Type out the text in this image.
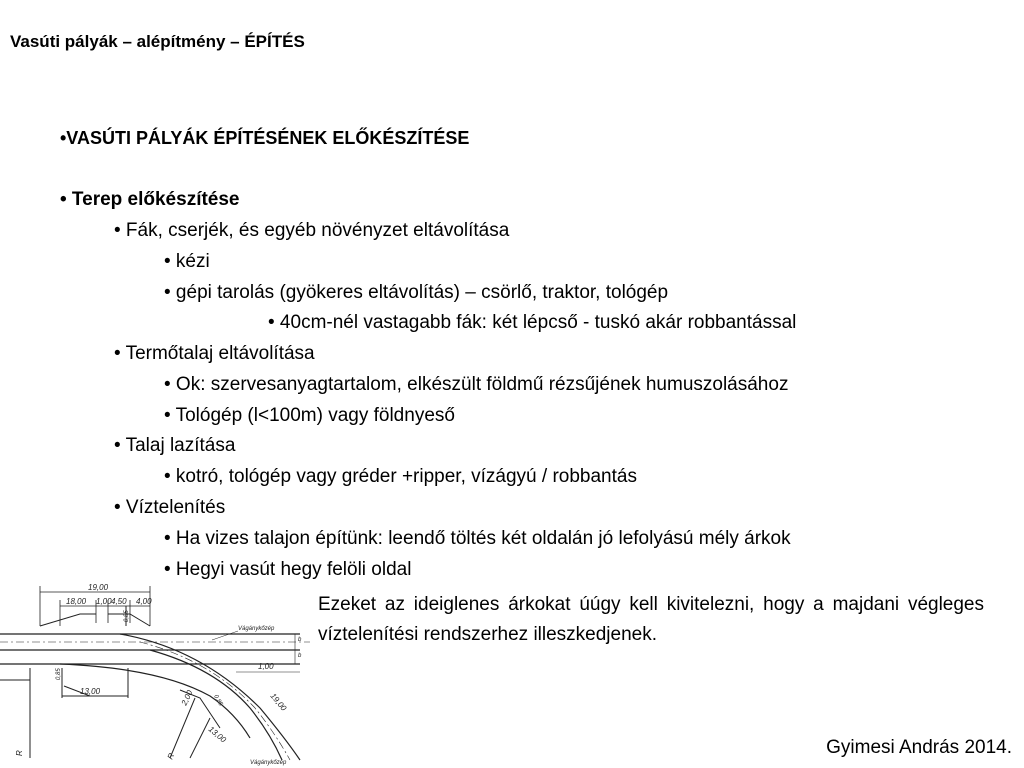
Vasúti pályák – alépítmény – ÉPÍTÉS
•VASÚTI PÁLYÁK ÉPÍTÉSÉNEK ELŐKÉSZÍTÉSE
• Terep előkészítése
• Fák, cserjék, és egyéb növényzet eltávolítása
• kézi
• gépi tarolás (gyökeres eltávolítás) – csörlő, traktor, tológép
• 40cm-nél vastagabb fák: két lépcső - tuskó akár robbantással
• Termőtalaj eltávolítása
• Ok: szervesanyagtartalom, elkészült földmű rézsűjének humuszolásához
• Tológép (l<100m) vagy földnyeső
• Talaj lazítása
• kotró, tológép vagy gréder +ripper, vízágyú / robbantás
• Víztelenítés
• Ha vizes talajon építünk: leendő töltés két oldalán jó lefolyású mély árkok
• Hegyi vasút hegy felöli oldal
Ezeket az ideiglenes árkokat úúgy kell kivitelezni, hogy a majdani végleges víztelenítési rendszerhez illeszkedjenek.
Gyimesi András 2014.
19,00
18,00 1,00 4,50 4,00
0,85
Vágánykőzép
b
b
1,00
0,85
13,00
19,00
0,85
2,00
13,00
Vágánykőzép
R	R
